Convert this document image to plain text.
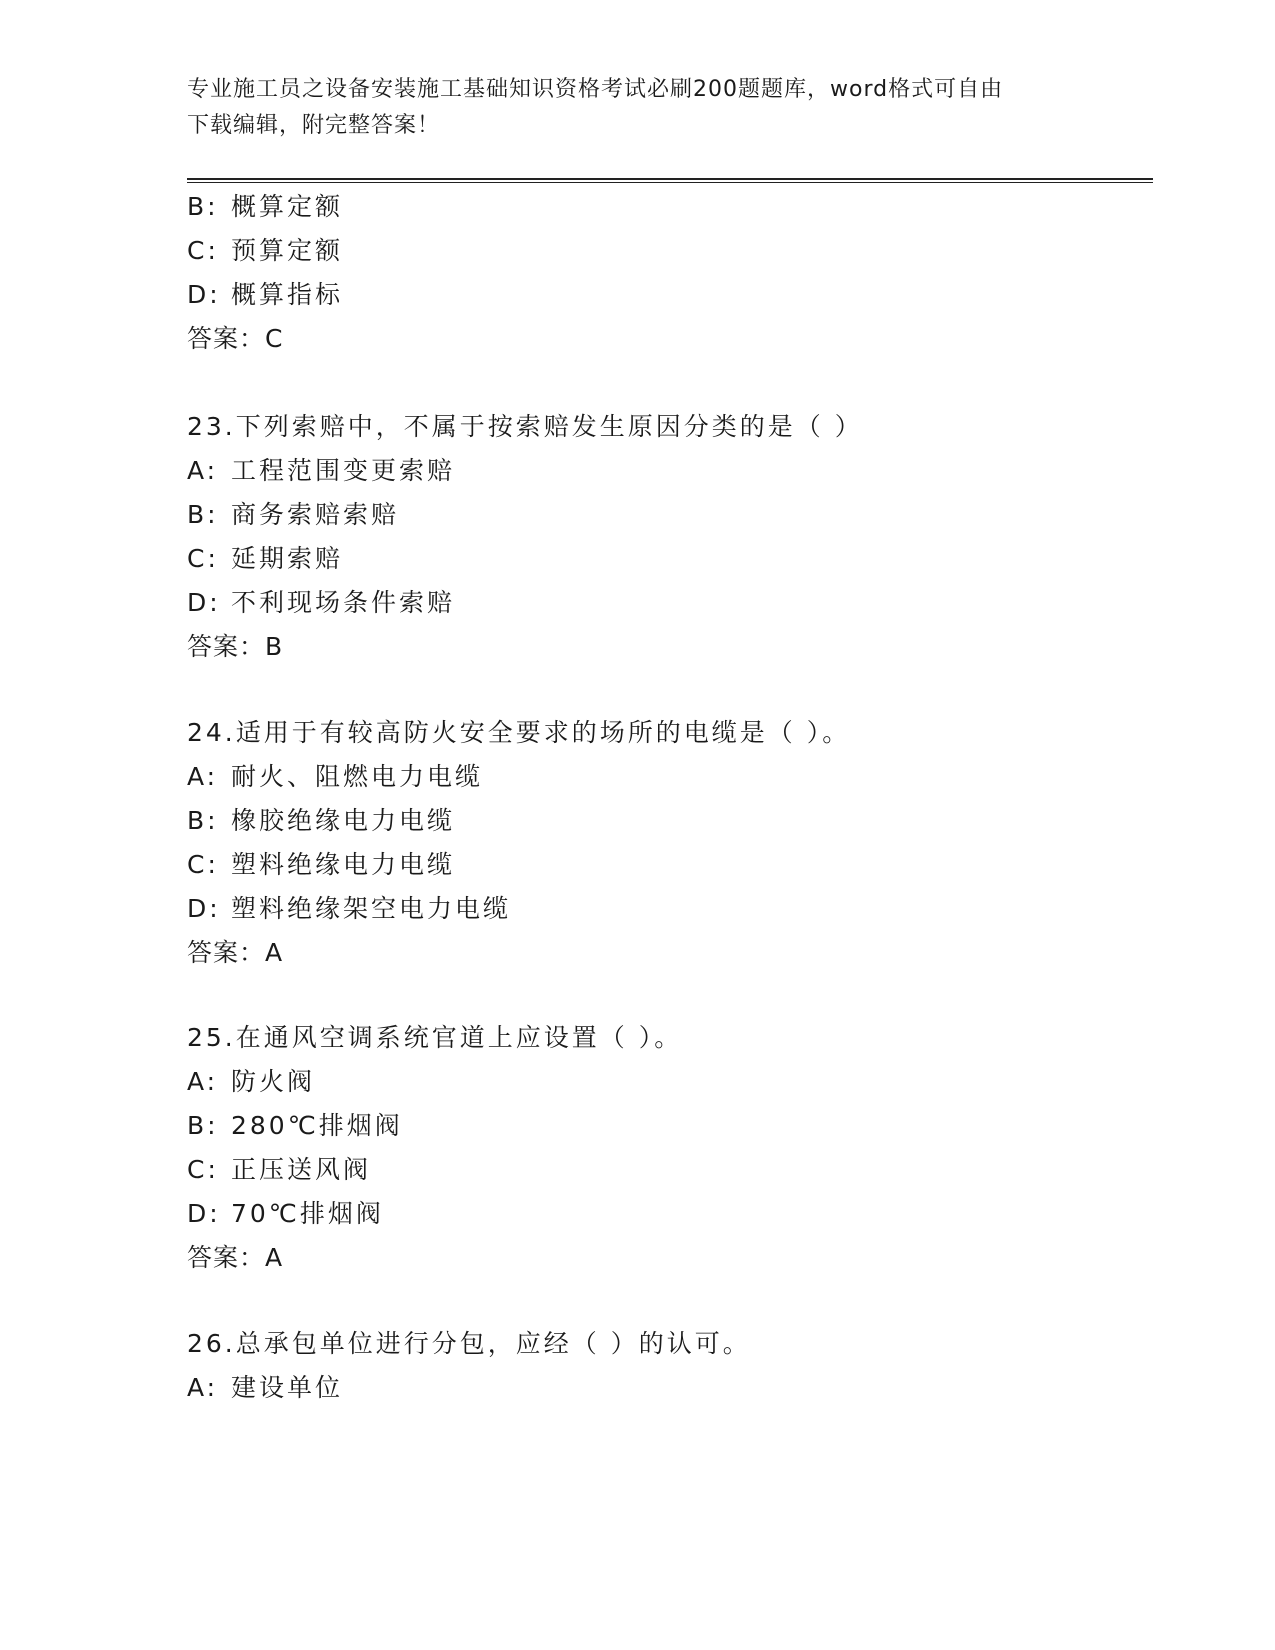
专业施工员之设备安装施工基础知识资格考试必刷200题题库，word格式可自由
下载编辑，附完整答案！
B: 概算定额
C: 预算定额
D: 概算指标
答案：C
23.下列索赔中，不属于按索赔发生原因分类的是（ ）
A: 工程范围变更索赔
B: 商务索赔索赔
C: 延期索赔
D: 不利现场条件索赔
答案：B
24.适用于有较高防火安全要求的场所的电缆是（ ）。
A: 耐火、阻燃电力电缆
B: 橡胶绝缘电力电缆
C: 塑料绝缘电力电缆
D: 塑料绝缘架空电力电缆
答案：A
25.在通风空调系统官道上应设置（ ）。
A: 防火阀
B: 280℃排烟阀
C: 正压送风阀
D: 70℃排烟阀
答案：A
26.总承包单位进行分包，应经（ ）的认可。
A: 建设单位
